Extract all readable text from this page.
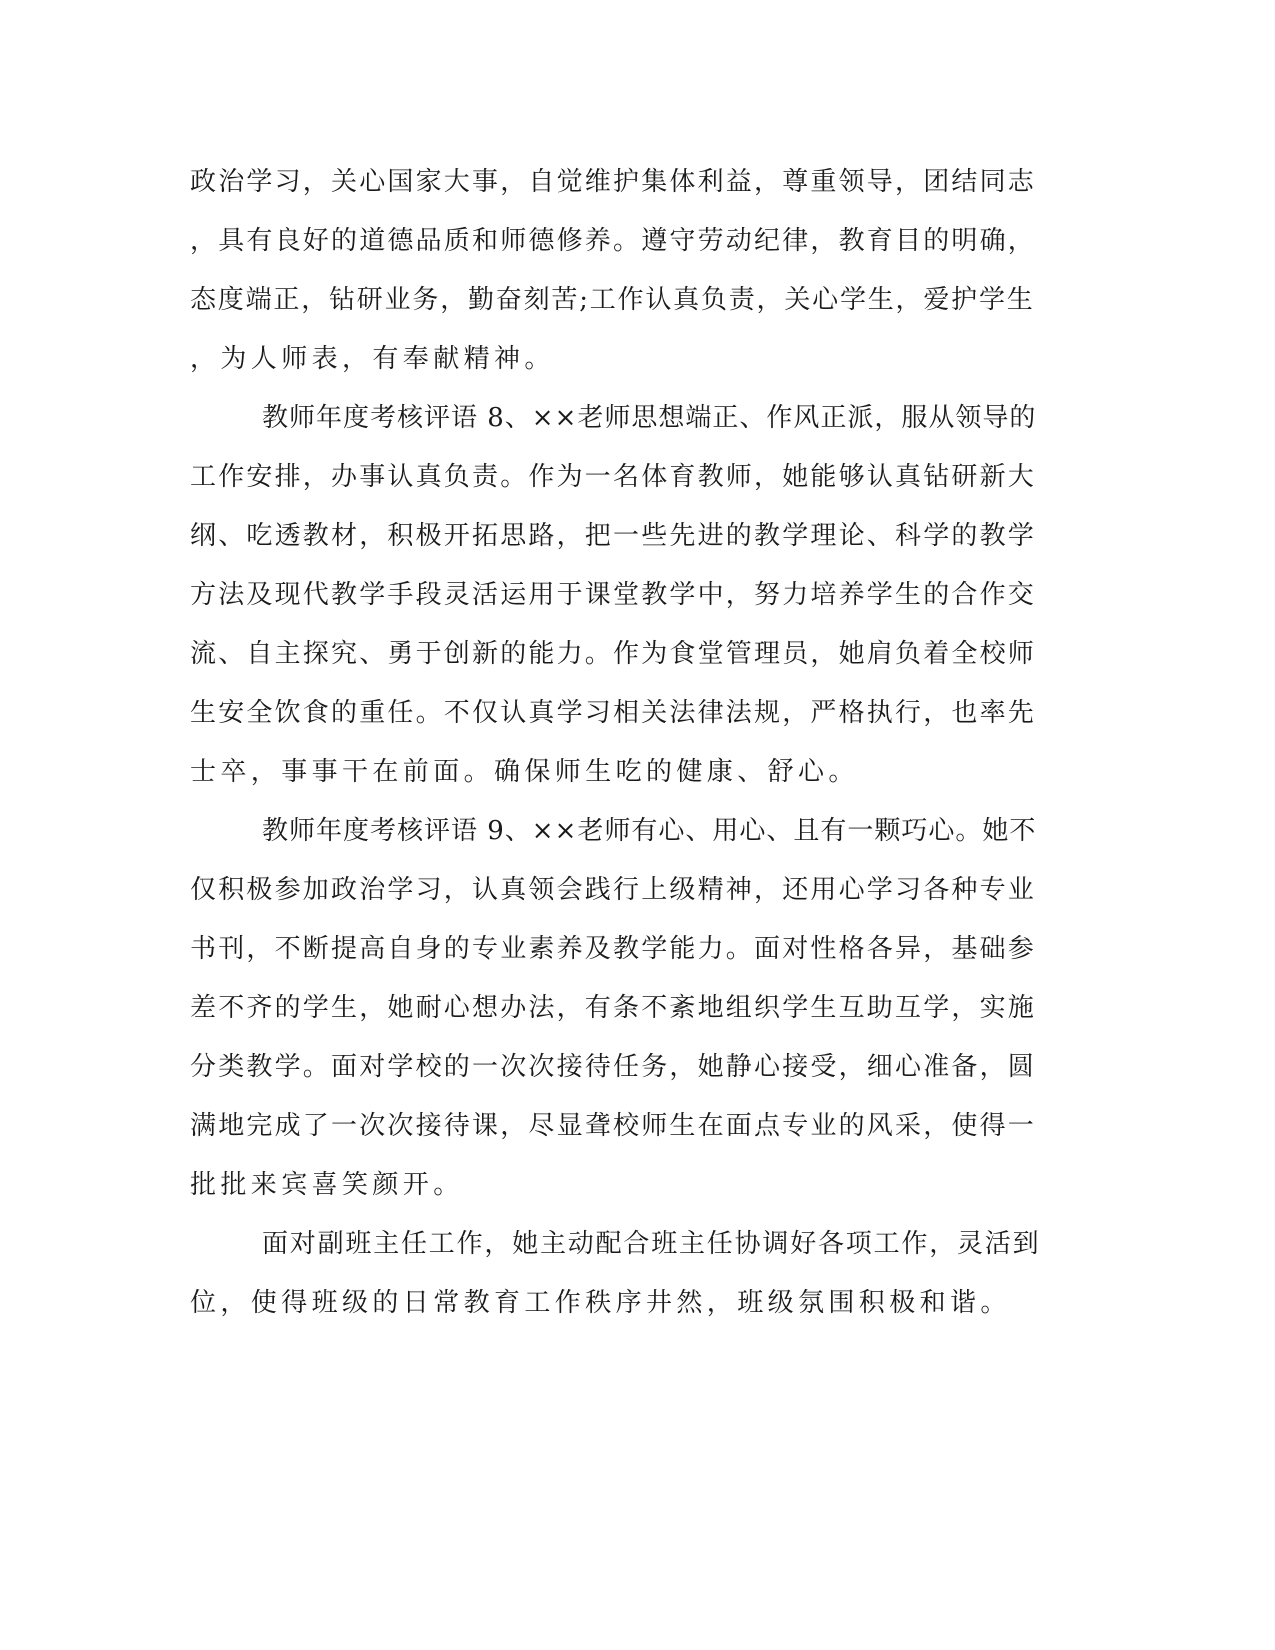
政治学习，关心国家大事，自觉维护集体利益，尊重领导，团结同志
，具有良好的道德品质和师德修养。遵守劳动纪律，教育目的明确，
态度端正，钻研业务，勤奋刻苦;工作认真负责，关心学生，爱护学生
，为人师表，有奉献精神。
教师年度考核评语 8、××老师思想端正、作风正派，服从领导的
工作安排，办事认真负责。作为一名体育教师，她能够认真钻研新大
纲、吃透教材，积极开拓思路，把一些先进的教学理论、科学的教学
方法及现代教学手段灵活运用于课堂教学中，努力培养学生的合作交
流、自主探究、勇于创新的能力。作为食堂管理员，她肩负着全校师
生安全饮食的重任。不仅认真学习相关法律法规，严格执行，也率先
士卒，事事干在前面。确保师生吃的健康、舒心。
教师年度考核评语 9、××老师有心、用心、且有一颗巧心。她不
仅积极参加政治学习，认真领会践行上级精神，还用心学习各种专业
书刊，不断提高自身的专业素养及教学能力。面对性格各异，基础参
差不齐的学生，她耐心想办法，有条不紊地组织学生互助互学，实施
分类教学。面对学校的一次次接待任务，她静心接受，细心准备，圆
满地完成了一次次接待课，尽显聋校师生在面点专业的风采，使得一
批批来宾喜笑颜开。
面对副班主任工作，她主动配合班主任协调好各项工作，灵活到
位，使得班级的日常教育工作秩序井然，班级氛围积极和谐。
